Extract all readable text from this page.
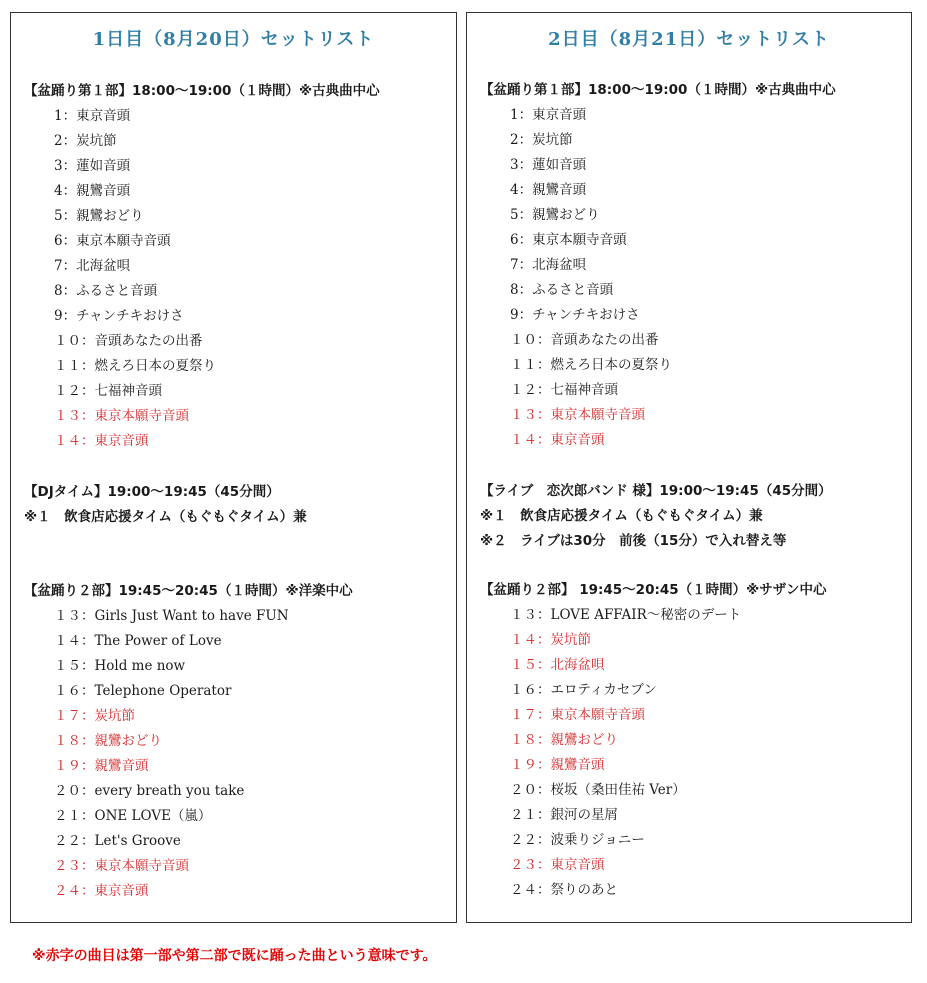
1日目（8月20日）セットリスト
【盆踊り第１部】18:00～19:00（１時間）※古典曲中心
1：東京音頭
2：炭坑節
3：蓮如音頭
4：親鸞音頭
5：親鸞おどり
6：東京本願寺音頭
7：北海盆唄
8：ふるさと音頭
9：チャンチキおけさ
１０：音頭あなたの出番
１１：燃えろ日本の夏祭り
１２：七福神音頭
１３：東京本願寺音頭
１４：東京音頭
【DJタイム】19:00～19:45（45分間）
※１　飲食店応援タイム（もぐもぐタイム）兼
【盆踊り２部】19:45～20:45（１時間）※洋楽中心
１３：Girls Just Want to have FUN
１４：The Power of Love
１５：Hold me now
１６：Telephone Operator
１７：炭坑節
１８：親鸞おどり
１９：親鸞音頭
２０：every breath you take
２１：ONE LOVE（嵐）
２２：Let's Groove
２３：東京本願寺音頭
２４：東京音頭
2日目（8月21日）セットリスト
【盆踊り第１部】18:00～19:00（１時間）※古典曲中心
1：東京音頭
2：炭坑節
3：蓮如音頭
4：親鸞音頭
5：親鸞おどり
6：東京本願寺音頭
7：北海盆唄
8：ふるさと音頭
9：チャンチキおけさ
１０：音頭あなたの出番
１１：燃えろ日本の夏祭り
１２：七福神音頭
１３：東京本願寺音頭
１４：東京音頭
【ライブ　恋次郎バンド 様】19:00～19:45（45分間）
※１　飲食店応援タイム（もぐもぐタイム）兼
※２　ライブは30分　前後（15分）で入れ替え等
【盆踊り２部】 19:45～20:45（１時間）※サザン中心
１３：LOVE AFFAIR～秘密のデート
１４：炭坑節
１５：北海盆唄
１６：エロティカセブン
１７：東京本願寺音頭
１８：親鸞おどり
１９：親鸞音頭
２０：桜坂（桑田佳祐 Ver）
２１：銀河の星屑
２２：波乗りジョニー
２３：東京音頭
２４：祭りのあと
※赤字の曲目は第一部や第二部で既に踊った曲という意味です。
